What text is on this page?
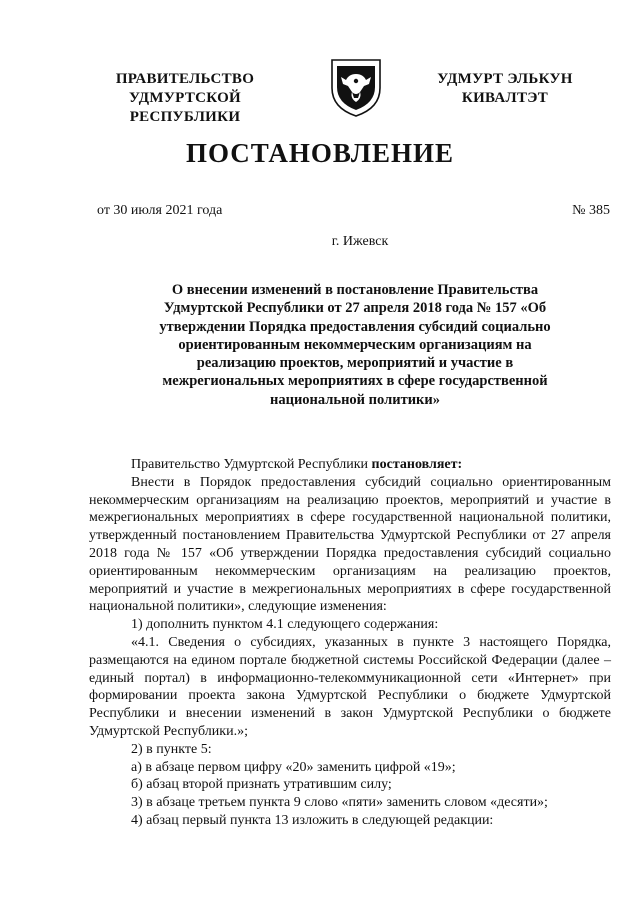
ПРАВИТЕЛЬСТВО
УДМУРТСКОЙ РЕСПУБЛИКИ
УДМУРТ ЭЛЬКУН
КИВАЛТЭТ
ПОСТАНОВЛЕНИЕ
от 30 июля 2021 года	№ 385
г. Ижевск
О внесении изменений в постановление Правительства Удмуртской Республики от 27 апреля 2018 года № 157 «Об утверждении Порядка предоставления субсидий социально ориентированным некоммерческим организациям на реализацию проектов, мероприятий и участие в межрегиональных мероприятиях в сфере государственной национальной политики»

Правительство Удмуртской Республики постановляет:

Внести в Порядок предоставления субсидий социально ориентированным некоммерческим организациям на реализацию проектов, мероприятий и участие в межрегиональных мероприятиях в сфере государственной национальной политики, утвержденный постановлением Правительства Удмуртской Республики от 27 апреля 2018 года № 157 «Об утверждении Порядка предоставления субсидий социально ориентированным некоммерческим организациям на реализацию проектов, мероприятий и участие в межрегиональных мероприятиях в сфере государственной национальной политики», следующие изменения:

1) дополнить пунктом 4.1 следующего содержания:

«4.1. Сведения о субсидиях, указанных в пункте 3 настоящего Порядка, размещаются на едином портале бюджетной системы Российской Федерации (далее – единый портал) в информационно-телекоммуникационной сети «Интернет» при формировании проекта закона Удмуртской Республики о бюджете Удмуртской Республики и внесении изменений в закон Удмуртской Республики о бюджете Удмуртской Республики.»;

2) в пункте 5:

а) в абзаце первом цифру «20» заменить цифрой «19»;

б) абзац второй признать утратившим силу;

3) в абзаце третьем пункта 9 слово «пяти» заменить словом «десяти»;

4) абзац первый пункта 13 изложить в следующей редакции:
